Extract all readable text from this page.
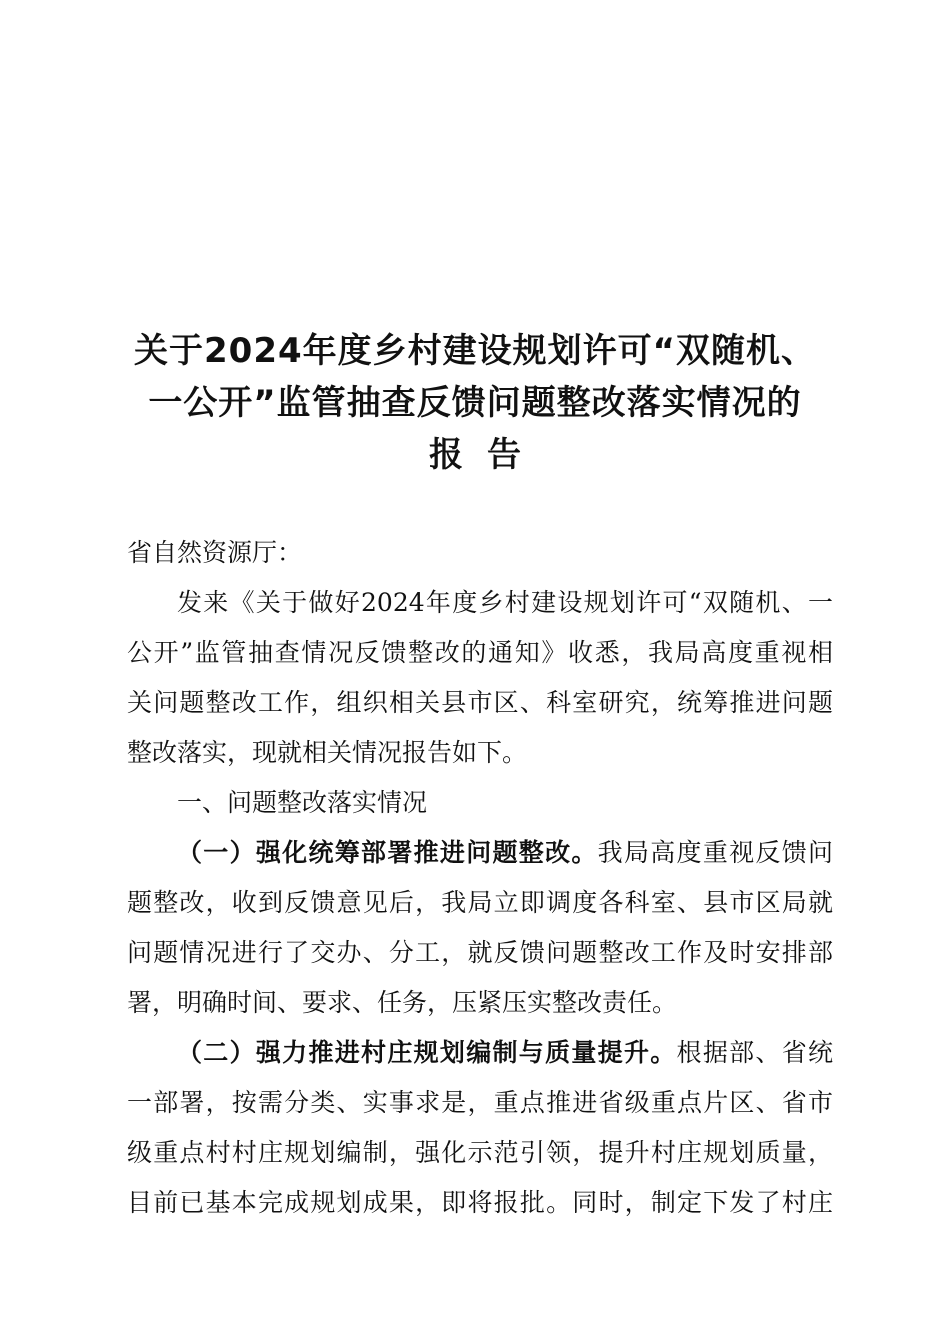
关于2024年度乡村建设规划许可“双随机、
一公开”监管抽查反馈问题整改落实情况的
报告
省自然资源厅：
发来《关于做好2024年度乡村建设规划许可“双随机、一
公开”监管抽查情况反馈整改的通知》收悉，我局高度重视相
关问题整改工作，组织相关县市区、科室研究，统筹推进问题
整改落实，现就相关情况报告如下。
一、问题整改落实情况
（一）强化统筹部署推进问题整改。我局高度重视反馈问
题整改，收到反馈意见后，我局立即调度各科室、县市区局就
问题情况进行了交办、分工，就反馈问题整改工作及时安排部
署，明确时间、要求、任务，压紧压实整改责任。
（二）强力推进村庄规划编制与质量提升。根据部、省统
一部署，按需分类、实事求是，重点推进省级重点片区、省市
级重点村村庄规划编制，强化示范引领，提升村庄规划质量，
目前已基本完成规划成果，即将报批。同时，制定下发了村庄
